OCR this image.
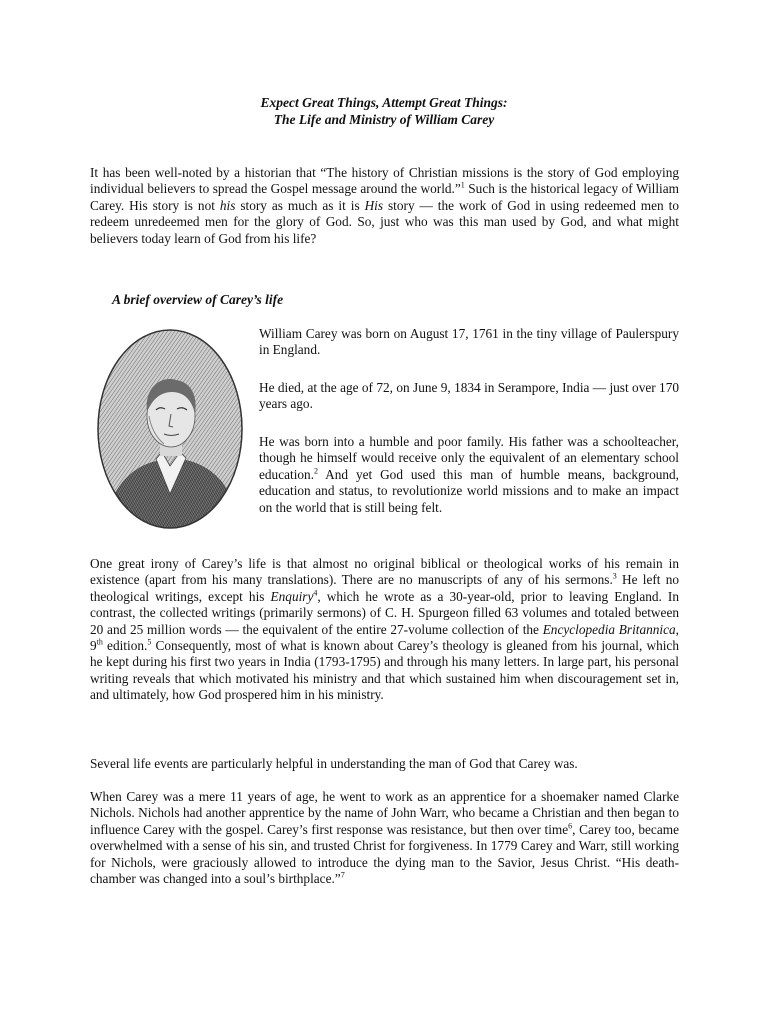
Expect Great Things, Attempt Great Things:
The Life and Ministry of William Carey

It has been well-noted by a historian that “The history of Christian missions is the story of God employing individual believers to spread the Gospel message around the world.”$^1$ Such is the historical legacy of William Carey. His story is not his story as much as it is His story — the work of God in using redeemed men to redeem unredeemed men for the glory of God. So, just who was this man used by God, and what might believers today learn of God from his life?

A brief overview of Carey’s life

William Carey was born on August 17, 1761 in the tiny village of Paulerspury in England.

He died, at the age of 72, on June 9, 1834 in Serampore, India — just over 170 years ago.

He was born into a humble and poor family. His father was a schoolteacher, though he himself would receive only the equivalent of an elementary school education.$^2$ And yet God used this man of humble means, background, education and status, to revolutionize world missions and to make an impact on the world that is still being felt.

One great irony of Carey’s life is that almost no original biblical or theological works of his remain in existence (apart from his many translations). There are no manuscripts of any of his sermons.$^3$ He left no theological writings, except his Enquiry$^4$, which he wrote as a 30-year-old, prior to leaving England. In contrast, the collected writings (primarily sermons) of C. H. Spurgeon filled 63 volumes and totaled between 20 and 25 million words — the equivalent of the entire 27-volume collection of the Encyclopedia Britannica, 9th edition.$^5$ Consequently, most of what is known about Carey’s theology is gleaned from his journal, which he kept during his first two years in India (1793-1795) and through his many letters. In large part, his personal writing reveals that which motivated his ministry and that which sustained him when discouragement set in, and ultimately, how God prospered him in his ministry.

Several life events are particularly helpful in understanding the man of God that Carey was.

When Carey was a mere 11 years of age, he went to work as an apprentice for a shoemaker named Clarke Nichols. Nichols had another apprentice by the name of John Warr, who became a Christian and then began to influence Carey with the gospel. Carey’s first response was resistance, but then over time$^6$, Carey too, became overwhelmed with a sense of his sin, and trusted Christ for forgiveness. In 1779 Carey and Warr, still working for Nichols, were graciously allowed to introduce the dying man to the Savior, Jesus Christ. “His death-chamber was changed into a soul’s birthplace.”$^7$
